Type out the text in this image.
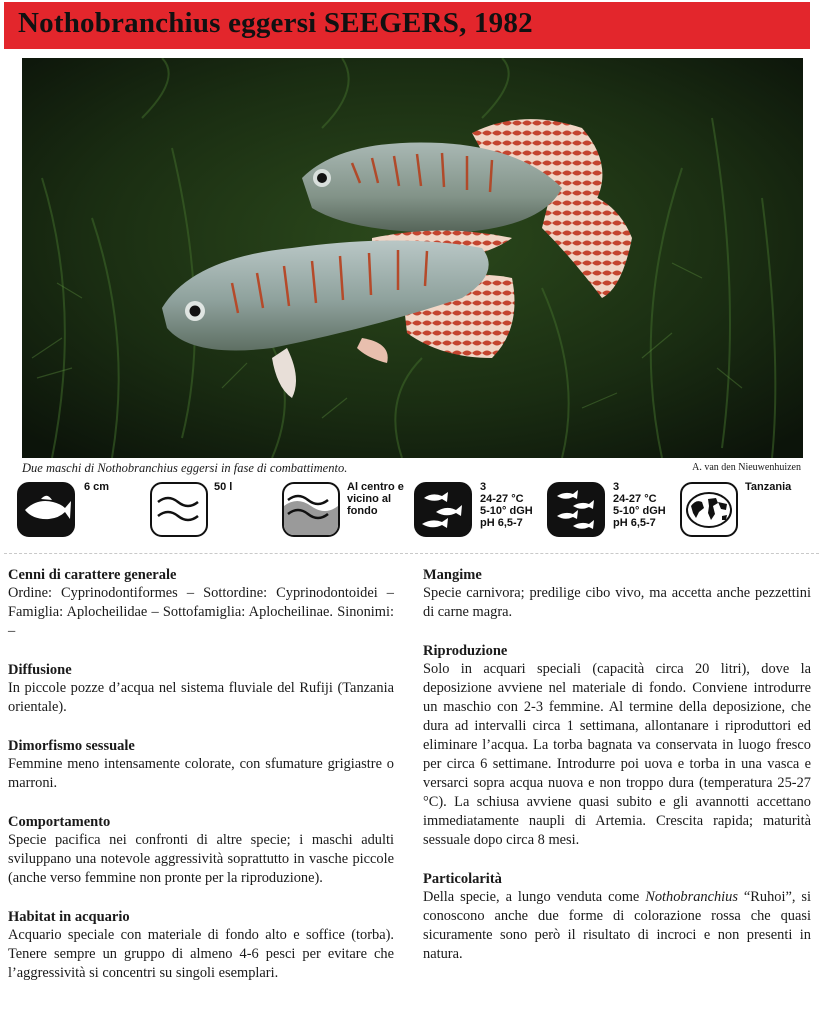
Nothobranchius eggersi SEEGERS, 1982
Due maschi di Nothobranchius eggersi in fase di combattimento.	A. van den Nieuwenhuizen
6 cm	50 l	Al centro e
vicino al
fondo
3
24-27 °C
5-10° dGH
pH 6,5-7
3
24-27 °C
5-10° dGH
pH 6,5-7
Tanzania
Cenni di carattere generale

Ordine: Cyprinodontiformes – Sottordine: Cyprinodontoidei – Famiglia: Aplocheilidae – Sottofamiglia: Aplocheilinae. Sinonimi: –

Diffusione

In piccole pozze d’acqua nel sistema fluviale del Rufiji (Tanzania orientale).

Dimorfismo sessuale

Femmine meno intensamente colorate, con sfumature grigiastre o marroni.

Comportamento

Specie pacifica nei confronti di altre specie; i maschi adulti sviluppano una notevole aggressività soprattutto in vasche piccole (anche verso femmine non pronte per la riproduzione).

Habitat in acquario

Acquario speciale con materiale di fondo alto e soffice (torba). Tenere sempre un gruppo di almeno 4-6 pesci per evitare che l’aggressività si concentri su singoli esemplari.

Mangime

Specie carnivora; predilige cibo vivo, ma accetta anche pezzettini di carne magra.

Riproduzione

Solo in acquari speciali (capacità circa 20 litri), dove la deposizione avviene nel materiale di fondo. Conviene introdurre un maschio con 2-3 femmine. Al termine della deposizione, che dura ad intervalli circa 1 settimana, allontanare i riproduttori ed eliminare l’acqua. La torba bagnata va conservata in luogo fresco per circa 6 settimane. Introdurre poi uova e torba in una vasca e versarci sopra acqua nuova e non troppo dura (temperatura 25-27 °C). La schiusa avviene quasi subito e gli avannotti accettano immediatamente naupli di Artemia. Crescita rapida; maturità sessuale dopo circa 8 mesi.

Particolarità

Della specie, a lungo venduta come Nothobranchius “Ruhoi”, si conoscono anche due forme di colorazione rossa che quasi sicuramente sono però il risultato di incroci e non presenti in natura.
